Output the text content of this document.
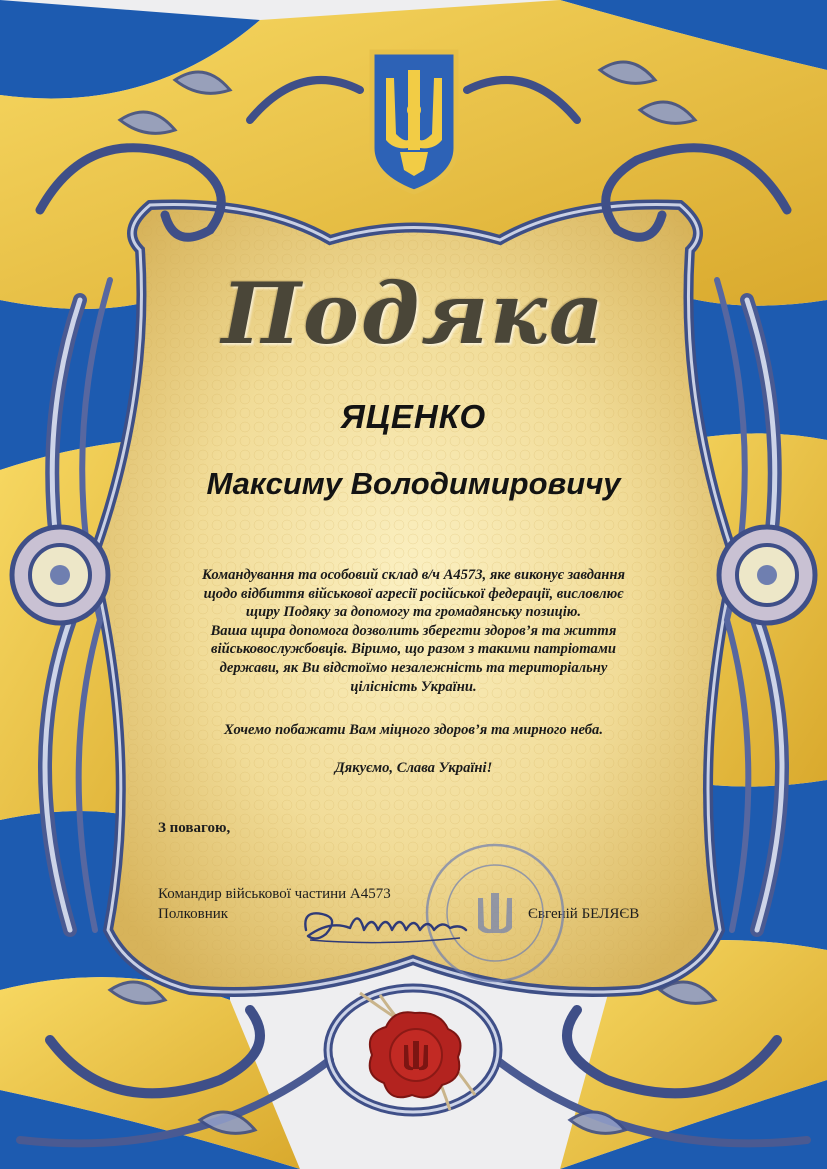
Подяка
ЯЦЕНКО
Максиму Володимировичу

Командування та особовий склад в/ч А4573, яке виконує завдання

щодо відбиття військової агресії російської федерації, висловлює

щиру Подяку за допомогу та громадянську позицію.

Ваша щира допомога дозволить зберегти здоров’я та життя

військовослужбовців. Віримо, що разом з такими патріотами

держави, як Ви відстоїмо незалежність та територіальну

цілісність України.

Хочемо побажати Вам міцного здоров’я та мирного неба.
Дякуємо, Слава Україні!
З повагою,
Командир військової частини А4573
Полковник	Євгеній БЕЛЯЄВ
